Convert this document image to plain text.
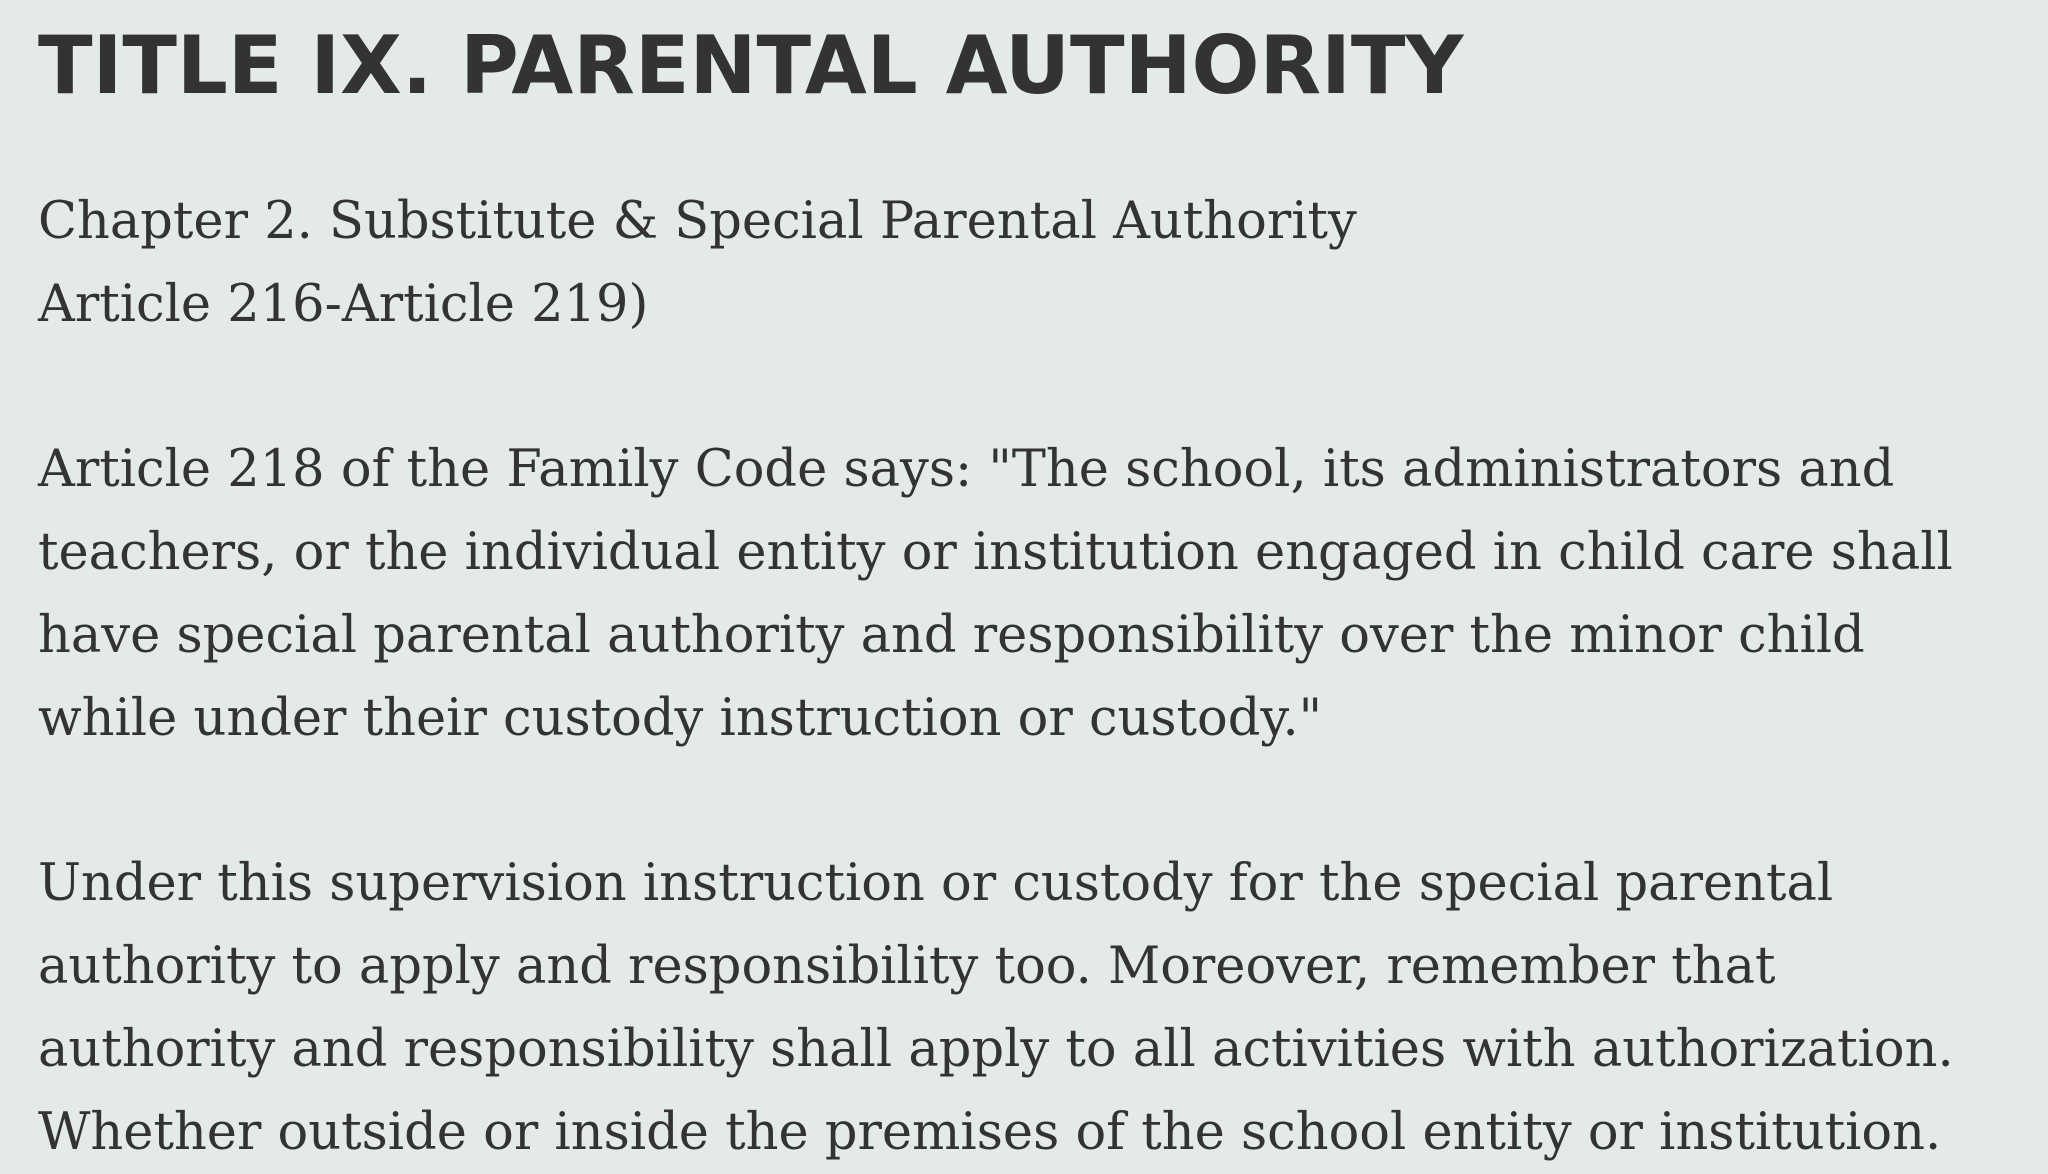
TITLE IX. PARENTAL AUTHORITY
Chapter 2. Substitute & Special Parental Authority
Article 216-Article 219)

Article 218 of the Family Code says: "The school, its administrators and
teachers, or the individual entity or institution engaged in child care shall
have special parental authority and responsibility over the minor child
while under their custody instruction or custody."

Under this supervision instruction or custody for the special parental
authority to apply and responsibility too. Moreover, remember that
authority and responsibility shall apply to all activities with authorization.
Whether outside or inside the premises of the school entity or institution.
